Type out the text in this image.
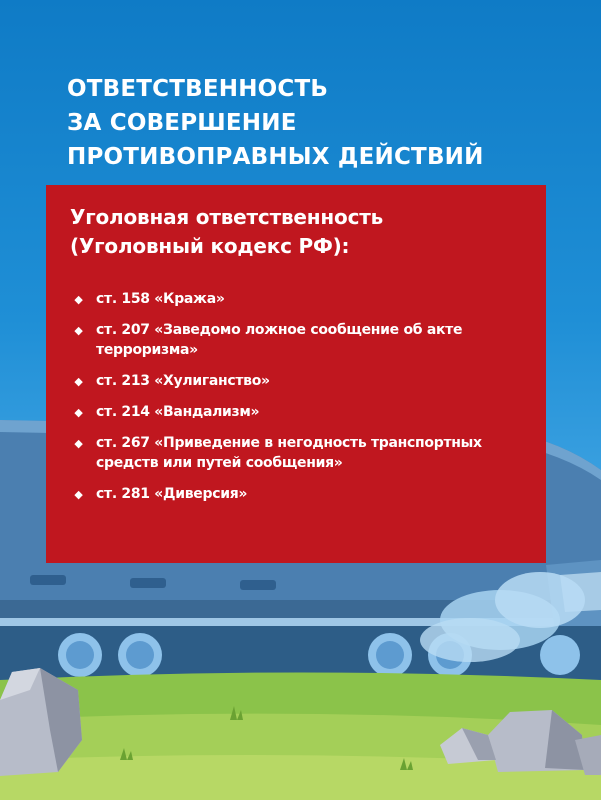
ОТВЕТСТВЕННОСТЬ
ЗА СОВЕРШЕНИЕ
ПРОТИВОПРАВНЫХ ДЕЙСТВИЙ
Уголовная ответственность
(Уголовный кодекс РФ):
◆ ст. 158 «Кража»
◆ ст. 207 «Заведомо ложное сообщение об акте терроризма»
◆ ст. 213 «Хулиганство»
◆ ст. 214 «Вандализм»
◆ ст. 267 «Приведение в негодность транспортных средств или путей сообщения»
◆ ст. 281 «Диверсия»
